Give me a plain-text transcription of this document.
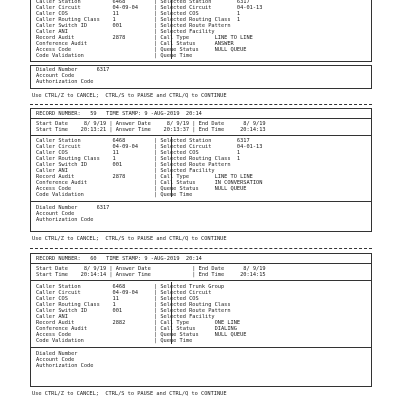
Caller Station          6468         | Selected Station        6317
Caller Circuit          04-09-04     | Selected Circuit        04-01-13
Caller COS              11           | Selected COS            1
Caller Routing Class    1            | Selected Routing Class  1
Caller Switch ID        001          | Selected Route Pattern
Caller ANI                           | Selected Facility
Record Audit            2878         | Call Type        LINE TO LINE
Conference Audit                     | Call Status      ANSWER
Access Code                          | Queue Status     NULL QUEUE
Code Validation                      | Queue Time
Dialed Number      6317
Account Code
Authorization Code
Use CTRL/Z to CANCEL;  CTRL/S to PAUSE and CTRL/Q to CONTINUE
RECORD NUMBER:   59   TIME STAMP: 9 -AUG-2019  20:14
Start Date     8/ 9/19 | Answer Date     8/ 9/19 | End Date      8/ 9/19
Start Time    20:13:21 | Answer Time    20:13:37 | End Time     20:14:13
Caller Station          6468         | Selected Station        6317
Caller Circuit          04-09-04     | Selected Circuit        04-01-13
Caller COS              11           | Selected COS            1
Caller Routing Class    1            | Selected Routing Class  1
Caller Switch ID        001          | Selected Route Pattern
Caller ANI                           | Selected Facility
Record Audit            2878         | Call Type        LINE TO LINE
Conference Audit                     | Call Status      IN CONVERSATION
Access Code                          | Queue Status     NULL QUEUE
Code Validation                      | Queue Time
Dialed Number      6317
Account Code
Authorization Code
Use CTRL/Z to CANCEL;  CTRL/S to PAUSE and CTRL/Q to CONTINUE
RECORD NUMBER:   60   TIME STAMP: 9 -AUG-2019  20:14
Start Date     8/ 9/19 | Answer Date             | End Date      8/ 9/19
Start Time    20:14:14 | Answer Time             | End Time     20:14:15
Caller Station          6468         | Selected Trunk Group
Caller Circuit          04-09-04     | Selected Circuit
Caller COS              11           | Selected COS
Caller Routing Class    1            | Selected Routing Class
Caller Switch ID        001          | Selected Route Pattern
Caller ANI                           | Selected Facility
Record Audit            2882         | Call Type        ONE LINE
Conference Audit                     | Call Status      DIALING
Access Code                          | Queue Status     NULL QUEUE
Code Validation                      | Queue Time
Dialed Number
Account Code
Authorization Code
Use CTRL/Z to CANCEL;  CTRL/S to PAUSE and CTRL/Q to CONTINUE
